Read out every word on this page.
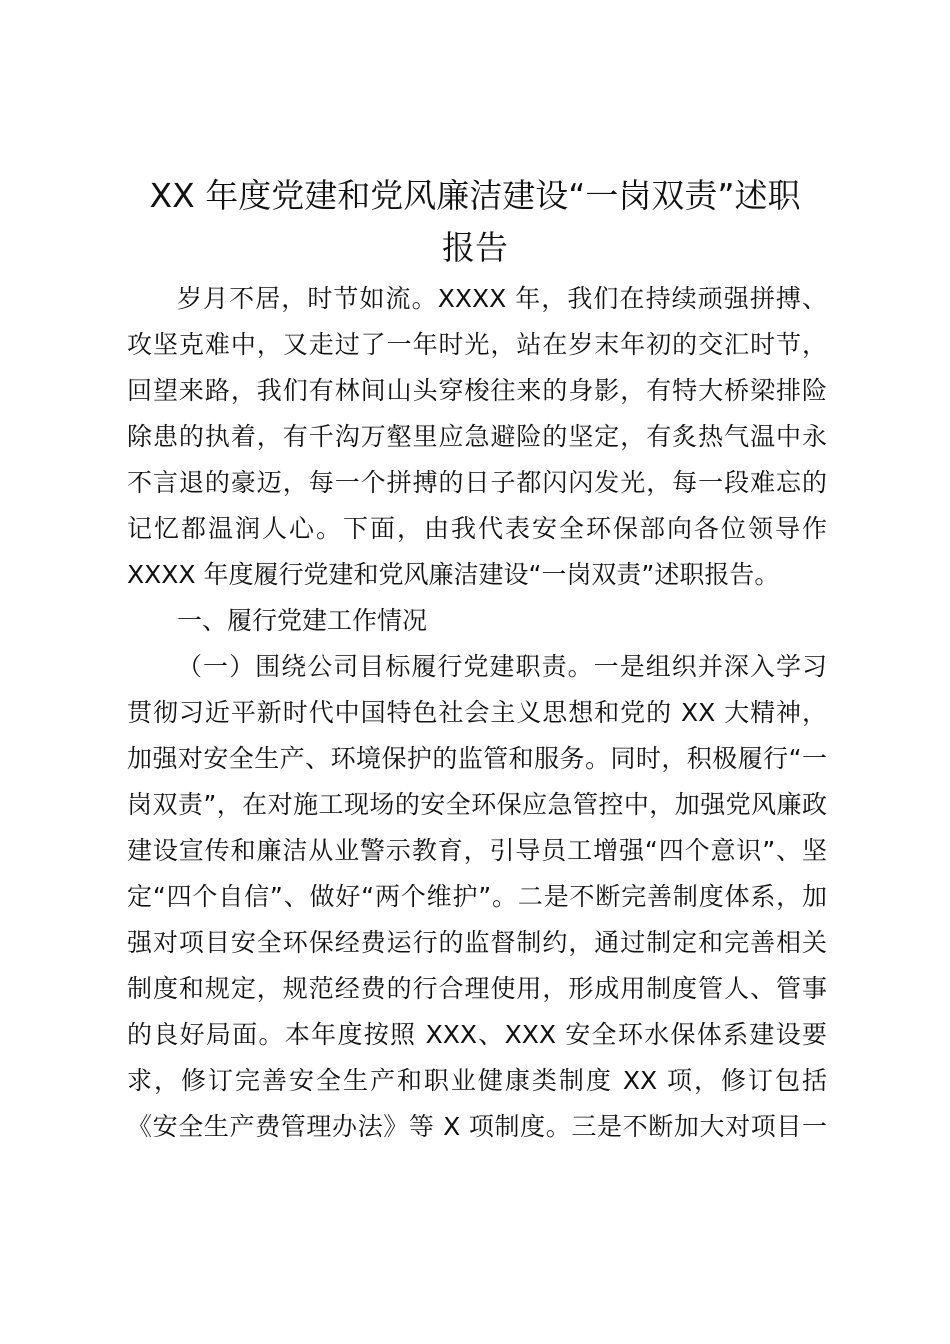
XX 年度党建和党风廉洁建设“一岗双责”述职
报告
岁月不居，时节如流。XXXX 年，我们在持续顽强拼搏、
攻坚克难中，又走过了一年时光，站在岁末年初的交汇时节，
回望来路，我们有林间山头穿梭往来的身影，有特大桥梁排险
除患的执着，有千沟万壑里应急避险的坚定，有炙热气温中永
不言退的豪迈，每一个拼搏的日子都闪闪发光，每一段难忘的
记忆都温润人心。下面，由我代表安全环保部向各位领导作
XXXX 年度履行党建和党风廉洁建设“一岗双责”述职报告。
一、履行党建工作情况
（一）围绕公司目标履行党建职责。一是组织并深入学习
贯彻习近平新时代中国特色社会主义思想和党的 XX 大精神，
加强对安全生产、环境保护的监管和服务。同时，积极履行“一
岗双责”，在对施工现场的安全环保应急管控中，加强党风廉政
建设宣传和廉洁从业警示教育，引导员工增强“四个意识”、坚
定“四个自信”、做好“两个维护”。二是不断完善制度体系，加
强对项目安全环保经费运行的监督制约，通过制定和完善相关
制度和规定，规范经费的行合理使用，形成用制度管人、管事
的良好局面。本年度按照 XXX、XXX 安全环水保体系建设要
求，修订完善安全生产和职业健康类制度 XX 项，修订包括
《安全生产费管理办法》等 X 项制度。三是不断加大对项目一
